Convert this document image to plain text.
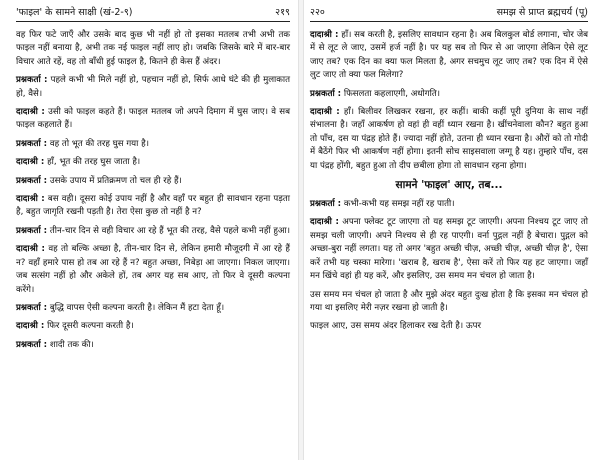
'फाइल' के सामने साक्षी (खं-2-९)	२१९
वह फिर फटे जाएँ और उसके बाद कुछ भी नहीं हो तो इसका मतलब तभी अभी तक फाइल नहीं बनाया है, अभी तक नई फाइल नहीं लाए हो। जबकि जिसके बारे में बार-बार विचार आते रहें, वह तो बाँधी हुई फाइल है, कितने ही केस हैं अंदर।
प्रश्नकर्ता : पहले कभी भी मिले नहीं हो, पहचान नहीं हो, सिर्फ आधे घंटे की ही मुलाकात हो, वैसे।
दादाश्री : उसी को फाइल कहते हैं। फाइल मतलब जो अपने दिमाग में घुस जाए। वे सब फाइल कहलाते हैं।
प्रश्नकर्ता : वह तो भूत की तरह घुस गया है।
दादाश्री : हाँ, भूत की तरह घुस जाता है।
प्रश्नकर्ता : उसके उपाय में प्रतिक्रमण तो चल ही रहे हैं।
दादाश्री : बस वही। दूसरा कोई उपाय नहीं है और वहाँ पर बहुत ही सावधान रहना पड़ता है, बहुत जागृति रखनी पड़ती है। तेरा ऐसा कुछ तो नहीं है न?
प्रश्नकर्ता : तीन-चार दिन से वही विचार आ रहे हैं भूत की तरह, वैसे पहले कभी नहीं हुआ।
दादाश्री : वह तो बल्कि अच्छा है, तीन-चार दिन से, लेकिन हमारी मौजूदगी में आ रहे हैं न? वहाँ हमारे पास हो तब आ रहे हैं न? बहुत अच्छा, निबेड़ा आ जाएगा। निकल जाएगा। जब सत्संग नहीं हो और अकेले हों, तब अगर यह सब आए, तो फिर वे दूसरी कल्पना करेंगे।
प्रश्नकर्ता : बुद्धि वापस ऐसी कल्पना करती है। लेकिन मैं हटा देता हूँ।
दादाश्री : फिर दूसरी कल्पना करती है।
प्रश्नकर्ता : शादी तक की।
२२०	समझ से प्राप्त ब्रह्मचर्य (पू)
दादाश्री : हाँ। सब करती है, इसलिए सावधान रहना है। अब बिलकुल बोर्ड लगाना, चोर जेब में से लूट ले जाए, उसमें हर्ज नहीं है। पर यह सब तो फिर से आ जाएगा लेकिन ऐसे लूट जाए तब? एक दिन का क्या फल मिलता है, अगर सचमुच लूट जाए तब? एक दिन में ऐसे लुट जाए तो क्या फल मिलेगा?
प्रश्नकर्ता : फिसलता कहलाएगी, अधोगति।
दादाश्री : हाँ। बिलीवर लिखकर रखना, हर कहीं। बाकी कहीं पूरी दुनिया के साथ नहीं संभालना है। जहाँ आकर्षण हो वहां ही वहीं ध्यान रखना है। खींचनेवाला कौन? बहुत हुआ तो पाँच, दस या पंद्रह होते हैं। ज्यादा नहीं होते, उतना ही ध्यान रखना है। औरों को तो गोदी में बैठेंगे फिर भी आकर्षण नहीं होगा। इतनी सोच साइसवाला जग्गू है यह। तुम्हारे पाँच, दस या पंद्रह होंगी, बहुत हुआ तो दीप छबीला होगा तो सावधान रहना होगा।
सामने 'फाइल' आए, तब...
प्रश्नकर्ता : कभी-कभी यह समझ नहीं रह पाती।
दादाश्री : अपना फ्लेक्ट टूट जाएगा तो यह समझ टूट जाएगी। अपना निश्चय टूट जाए तो समझ चली जाएगी। अपने निश्चय से ही रह पाएगी। वर्ना पुद्गल नहीं है बेचारा। पुद्गल को अच्छा-बुरा नहीं लगता। यह तो अगर 'बहुत अच्छी चीज़, अच्छी चीज़, अच्छी चीज़ है', ऐसा करें तभी यह चस्का मारेगा। 'खराब है, खराब है', ऐसा करें तो फिर यह हट जाएगा। जहाँ मन खिंचे वहां ही यह करें, और इसलिए, उस समय मन चंचल हो जाता है।
उस समय मन चंचल हो जाता है और मुझे अंदर बहुत दुःख होता है कि इसका मन चंचल हो गया था इसलिए मेरी नज़र रखना हो जाती है।
फाइल आए, उस समय अंदर हिलाकर रख देती है। ऊपर
